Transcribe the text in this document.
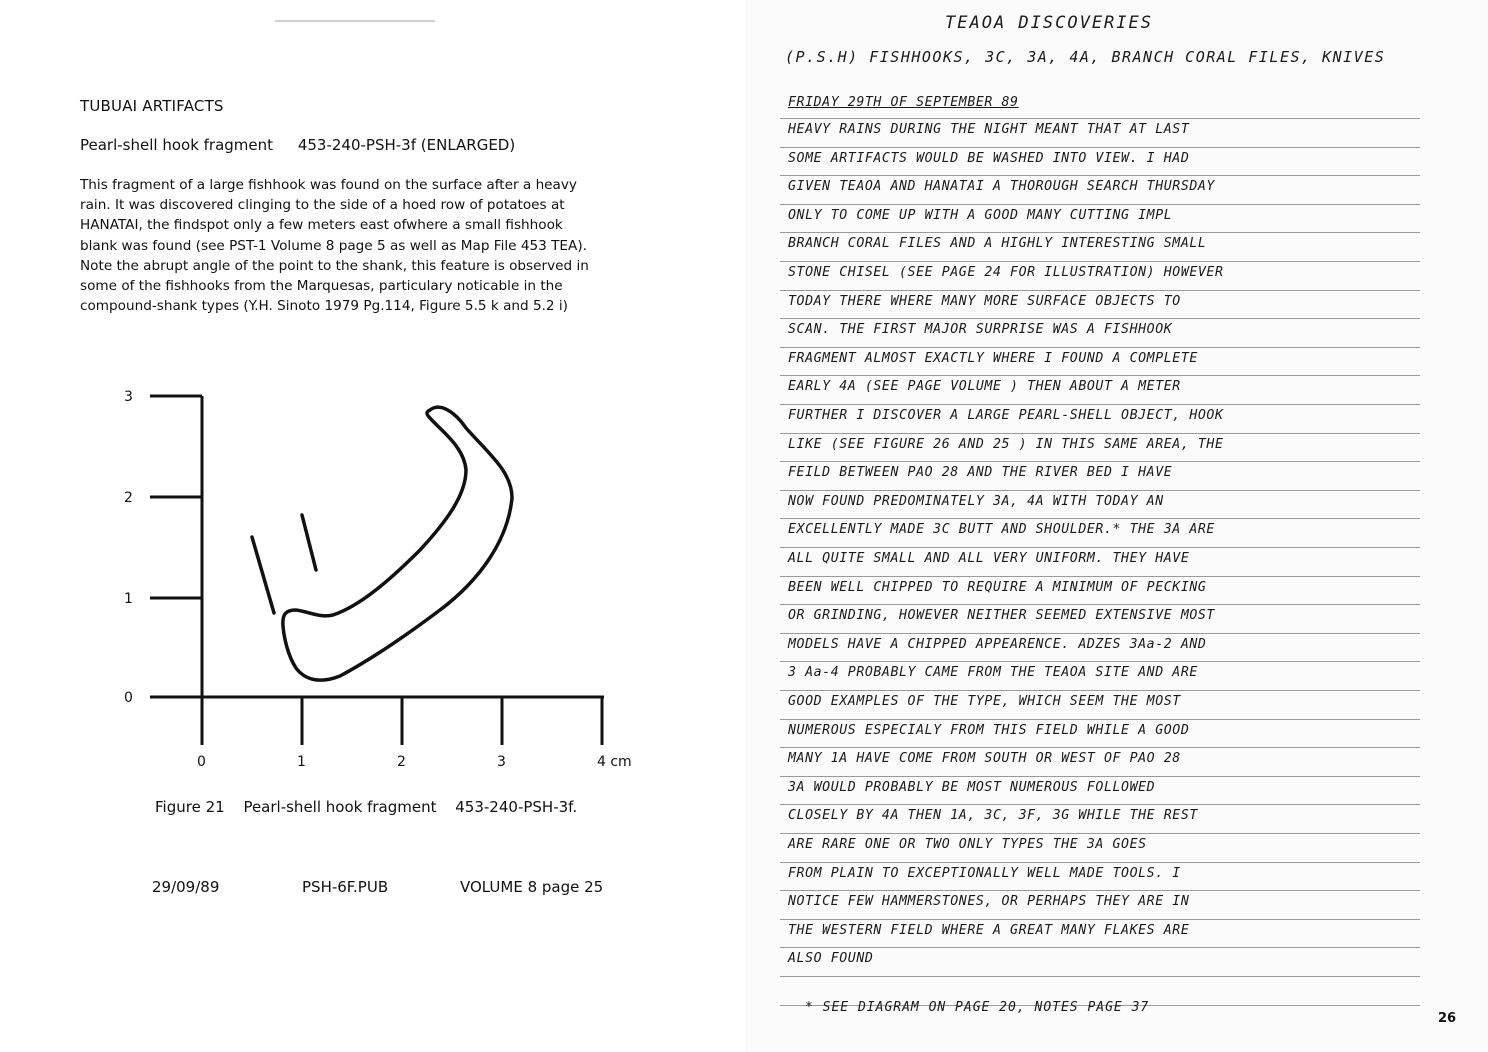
TUBUAI ARTIFACTS
Pearl-shell hook fragment 453-240-PSH-3f (ENLARGED)
This fragment of a large fishhook was found on the surface after a heavy
rain. It was discovered clinging to the side of a hoed row of potatoes at
HANATAI, the findspot only a few meters east ofwhere a small fishhook
blank was found (see PST-1 Volume 8 page 5 as well as Map File 453 TEA).
Note the abrupt angle of the point to the shank, this feature is observed in
some of the fishhooks from the Marquesas, particulary noticable in the
compound-shank types (Y.H. Sinoto 1979 Pg.114, Figure 5.5 k and 5.2 i)
3
2
1
0
0	1	2	3	4 cm
Figure 21 Pearl-shell hook fragment 453-240-PSH-3f.
29/09/89	PSH-6F.PUB	VOLUME 8 page 25
TEAOA DISCOVERIES
(P.S.H) FISHHOOKS, 3C, 3A, 4A, BRANCH CORAL FILES, KNIVES
FRIDAY 29TH OF SEPTEMBER 89
HEAVY RAINS DURING THE NIGHT MEANT THAT AT LAST
SOME ARTIFACTS WOULD BE WASHED INTO VIEW. I HAD
GIVEN TEAOA AND HANATAI A THOROUGH SEARCH THURSDAY
ONLY TO COME UP WITH A GOOD MANY CUTTING IMPL
BRANCH CORAL FILES AND A HIGHLY INTERESTING SMALL
STONE CHISEL (SEE PAGE 24 FOR ILLUSTRATION) HOWEVER
TODAY THERE WHERE MANY MORE SURFACE OBJECTS TO
SCAN. THE FIRST MAJOR SURPRISE WAS A FISHHOOK
FRAGMENT ALMOST EXACTLY WHERE I FOUND A COMPLETE
EARLY 4A (SEE PAGE VOLUME ) THEN ABOUT A METER
FURTHER I DISCOVER A LARGE PEARL-SHELL OBJECT, HOOK
LIKE (SEE FIGURE 26 AND 25 ) IN THIS SAME AREA, THE
FEILD BETWEEN PAO 28 AND THE RIVER BED I HAVE
NOW FOUND PREDOMINATELY 3A, 4A WITH TODAY AN
EXCELLENTLY MADE 3C BUTT AND SHOULDER.* THE 3A ARE
ALL QUITE SMALL AND ALL VERY UNIFORM. THEY HAVE
BEEN WELL CHIPPED TO REQUIRE A MINIMUM OF PECKING
OR GRINDING, HOWEVER NEITHER SEEMED EXTENSIVE MOST
MODELS HAVE A CHIPPED APPEARENCE. ADZES 3Aa-2 AND
3 Aa-4 PROBABLY CAME FROM THE TEAOA SITE AND ARE
GOOD EXAMPLES OF THE TYPE, WHICH SEEM THE MOST
NUMEROUS ESPECIALY FROM THIS FIELD WHILE A GOOD
MANY 1A HAVE COME FROM SOUTH OR WEST OF PAO 28
3A WOULD PROBABLY BE MOST NUMEROUS FOLLOWED
CLOSELY BY 4A THEN 1A, 3C, 3F, 3G WHILE THE REST
ARE RARE ONE OR TWO ONLY TYPES THE 3A GOES
FROM PLAIN TO EXCEPTIONALLY WELL MADE TOOLS. I
NOTICE FEW HAMMERSTONES, OR PERHAPS THEY ARE IN
THE WESTERN FIELD WHERE A GREAT MANY FLAKES ARE
ALSO FOUND
* SEE DIAGRAM ON PAGE 20, NOTES PAGE 37
26
